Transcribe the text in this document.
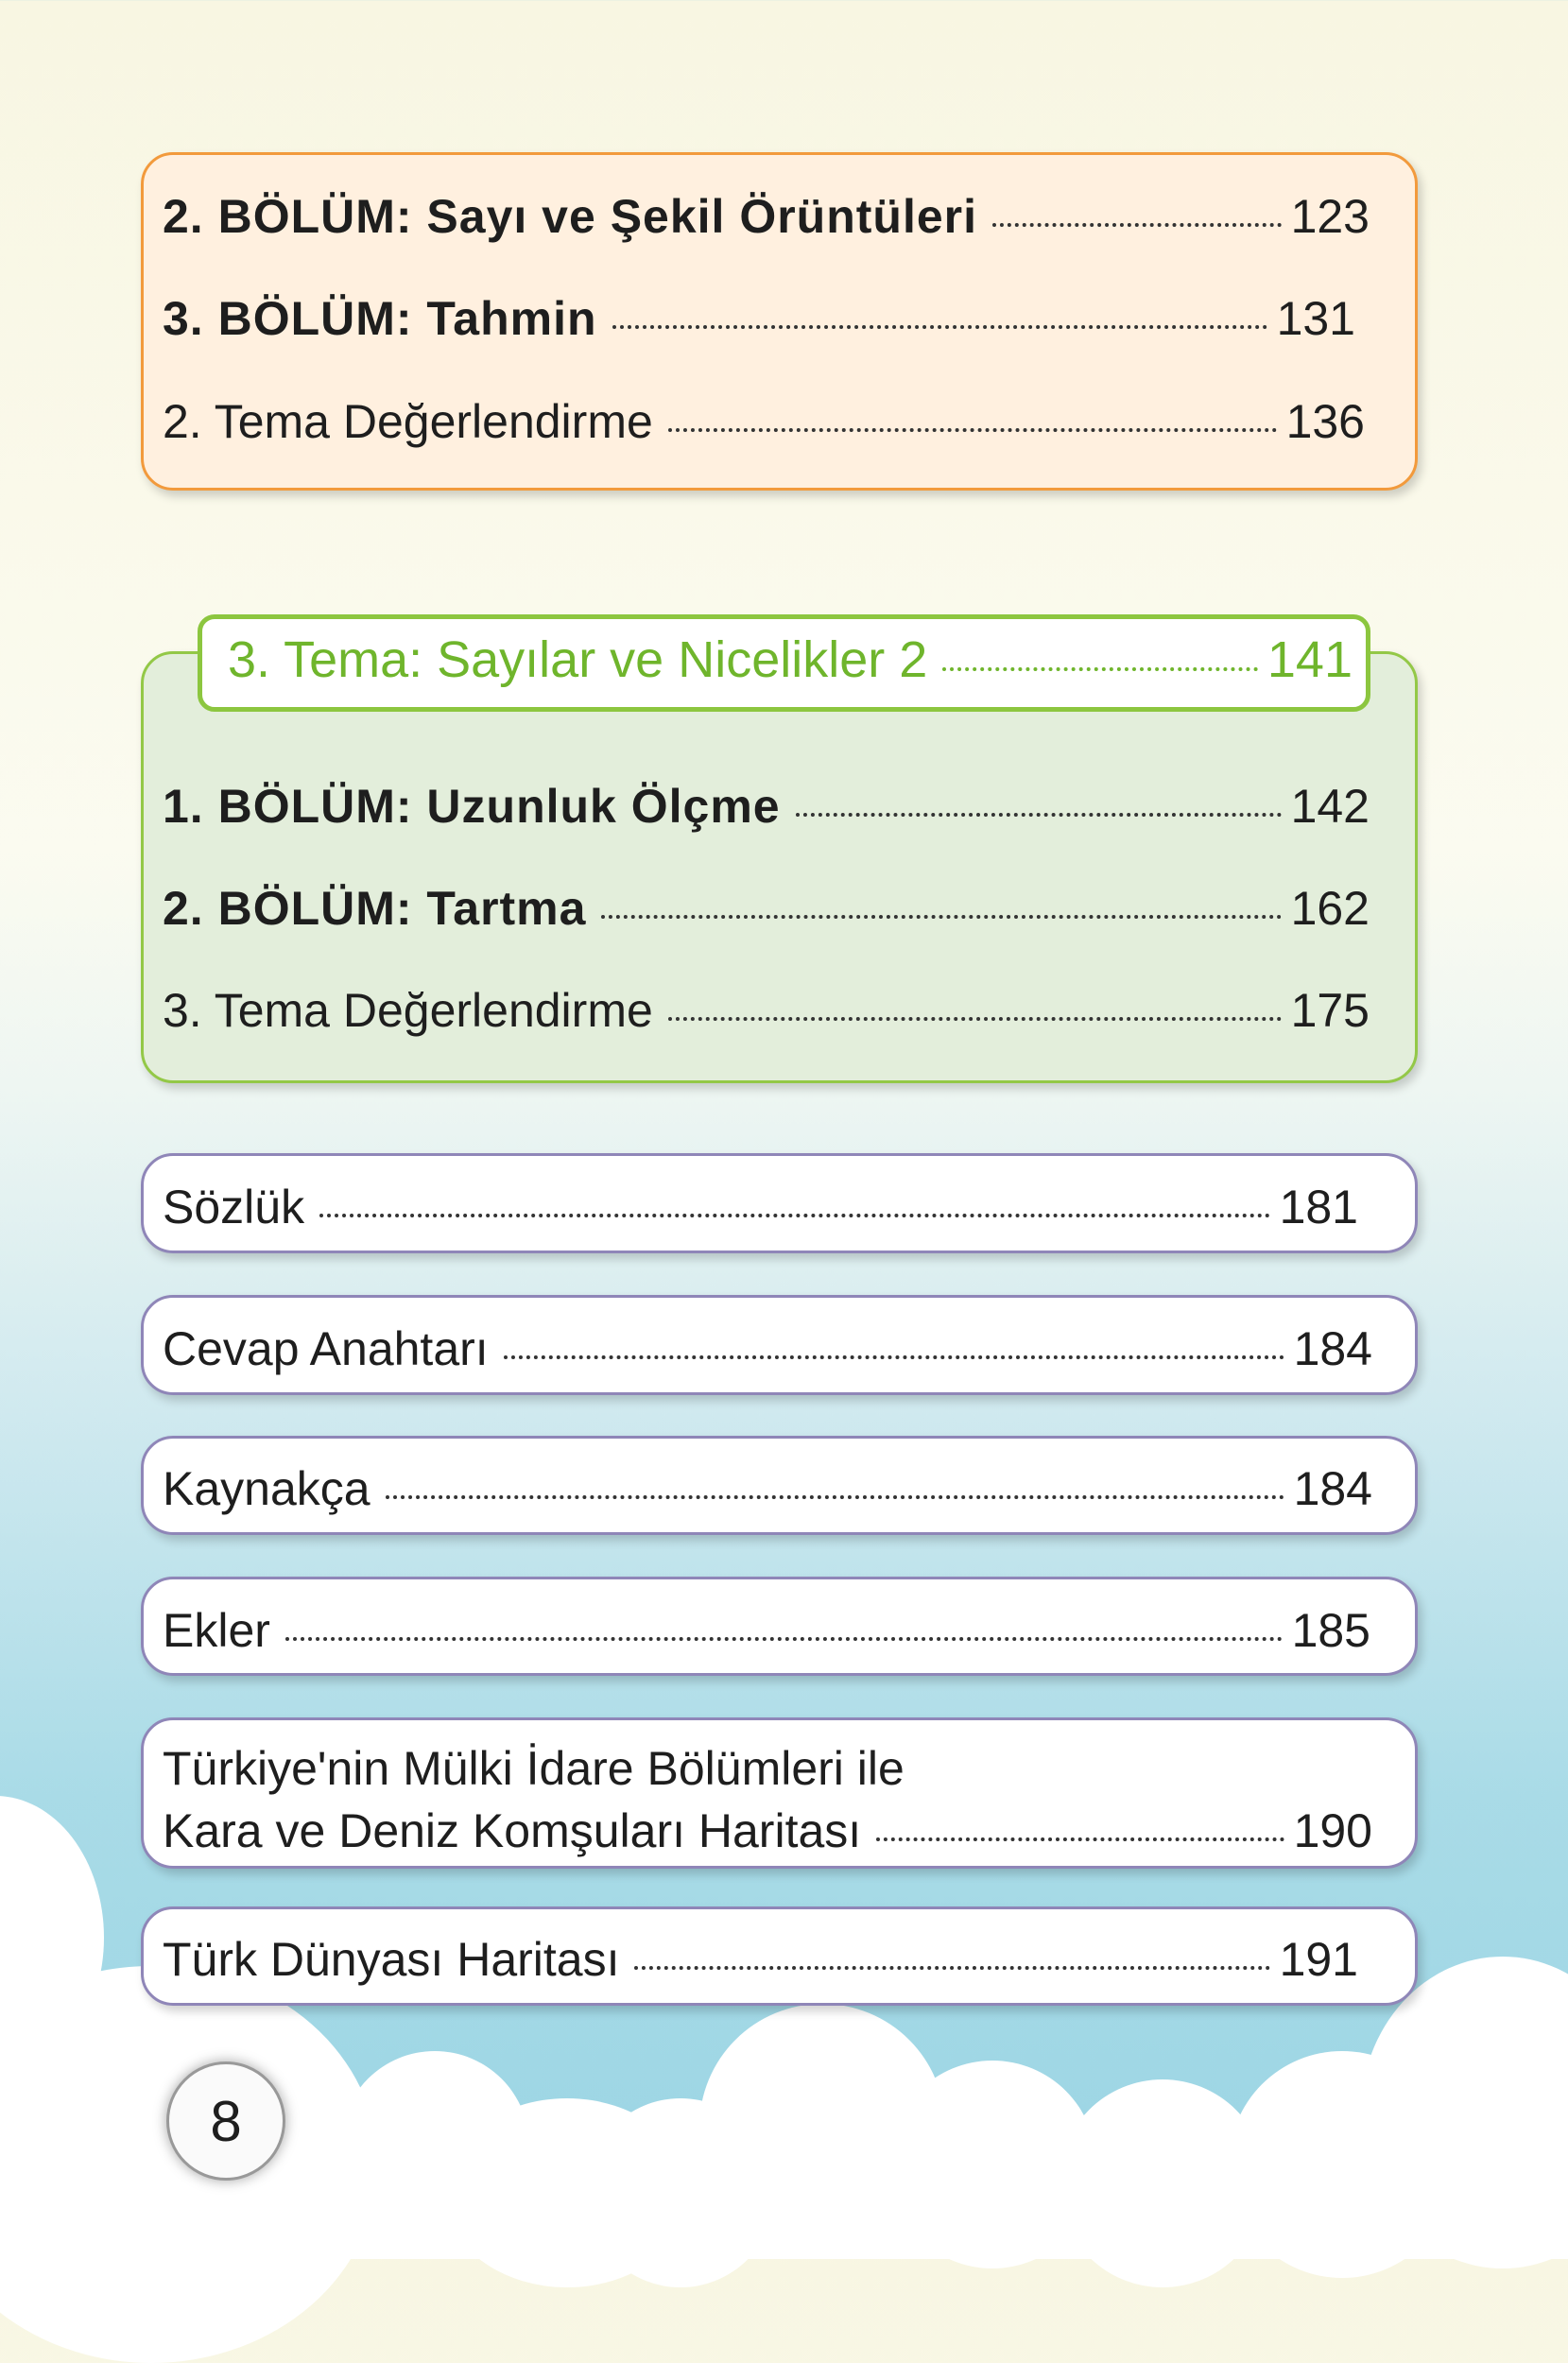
2. BÖLÜM: Sayı ve Şekil Örüntüleri	123
3. BÖLÜM: Tahmin	131
2. Tema Değerlendirme	136
3. Tema: Sayılar ve Nicelikler 2	141
1. BÖLÜM: Uzunluk Ölçme	142
2. BÖLÜM: Tartma	162
3. Tema Değerlendirme	175
Sözlük	181
Cevap Anahtarı	184
Kaynakça	184
Ekler	185
Türkiye'nin Mülki İdare Bölümleri ile
Kara ve Deniz Komşuları Haritası	190
Türk Dünyası Haritası	191
8
